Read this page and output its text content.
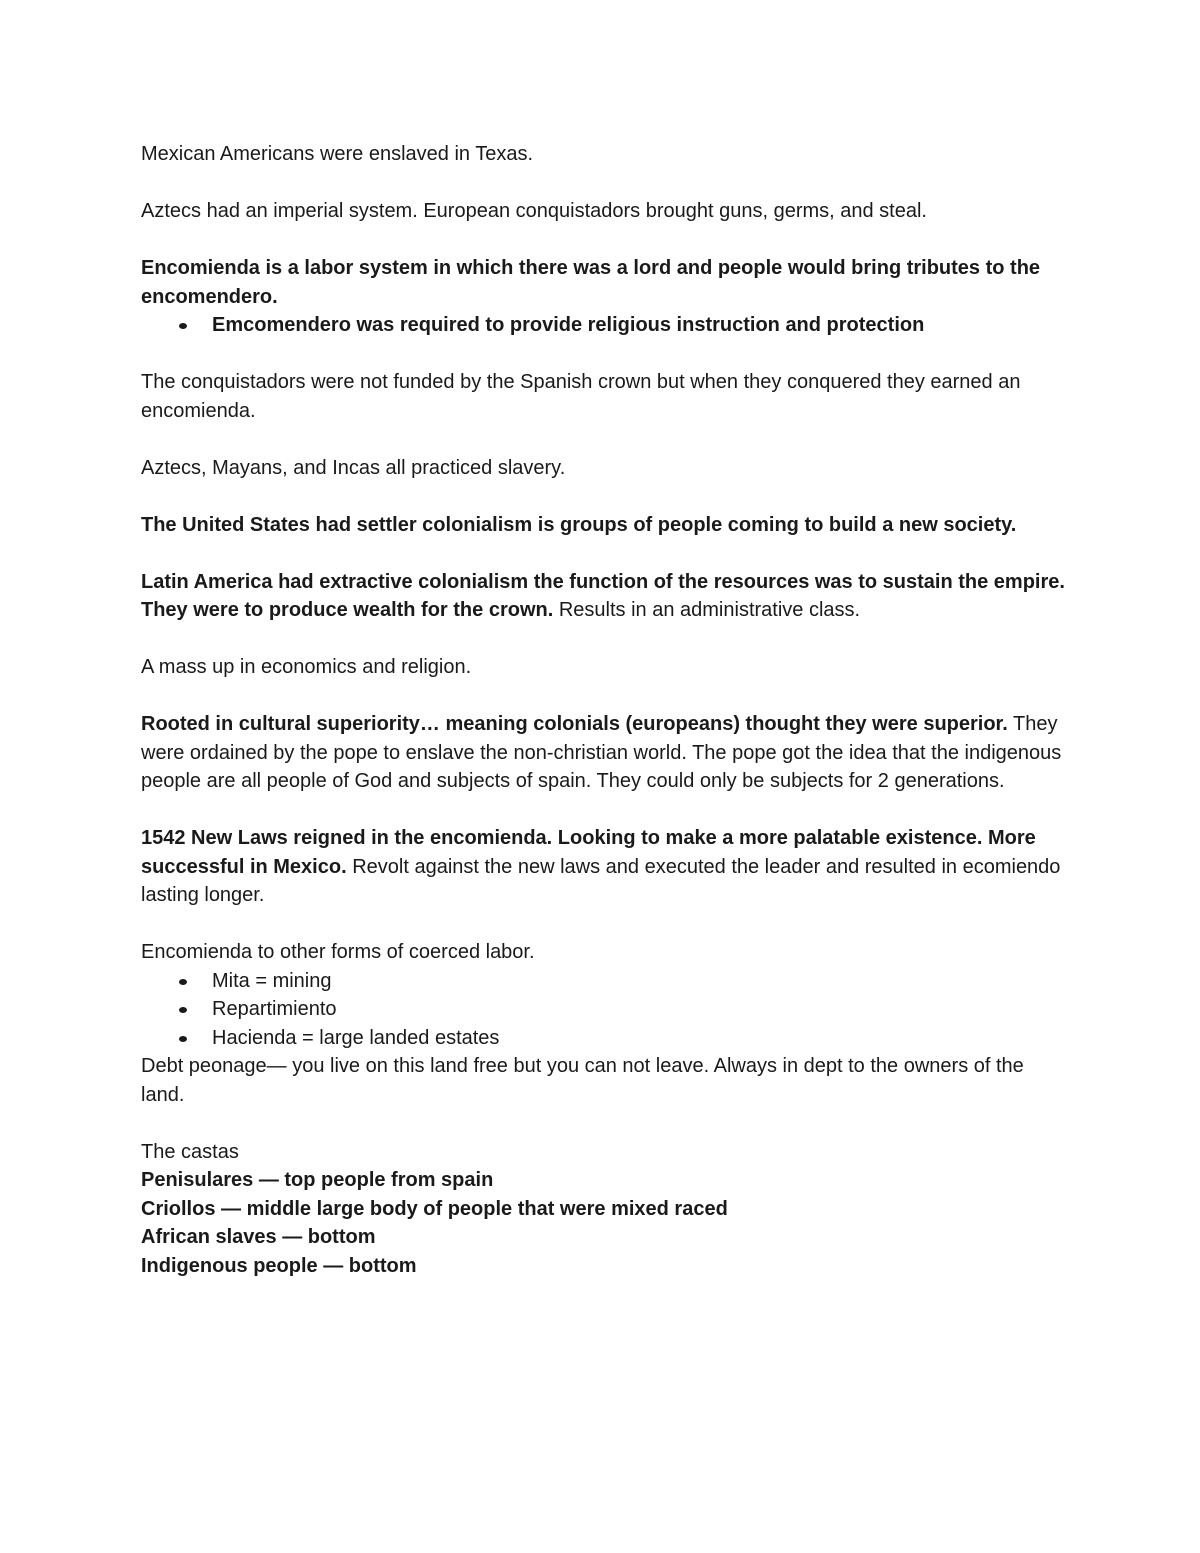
Mexican Americans were enslaved in Texas.

Aztecs had an imperial system. European conquistadors brought guns, germs, and steal.

Encomienda is a labor system in which there was a lord and people would bring tributes to the encomendero.

Emcomendero was required to provide religious instruction and protection

The conquistadors were not funded by the Spanish crown but when they conquered they earned an encomienda.

Aztecs, Mayans, and Incas all practiced slavery.

The United States had settler colonialism is groups of people coming to build a new society.

Latin America had extractive colonialism the function of the resources was to sustain the empire. They were to produce wealth for the crown. Results in an administrative class.

A mass up in economics and religion.

Rooted in cultural superiority… meaning colonials (europeans) thought they were superior. They were ordained by the pope to enslave the non-christian world. The pope got the idea that the indigenous people are all people of God and subjects of spain. They could only be subjects for 2 generations.

1542 New Laws reigned in the encomienda. Looking to make a more palatable existence. More successful in Mexico. Revolt against the new laws and executed the leader and resulted in ecomiendo lasting longer.

Encomienda to other forms of coerced labor.

Mita = mining
Repartimiento
Hacienda = large landed estates

Debt peonage— you live on this land free but you can not leave. Always in dept to the owners of the land.

The castas

Penisulares — top people from spain

Criollos — middle large body of people that were mixed raced

African slaves — bottom

Indigenous people — bottom
